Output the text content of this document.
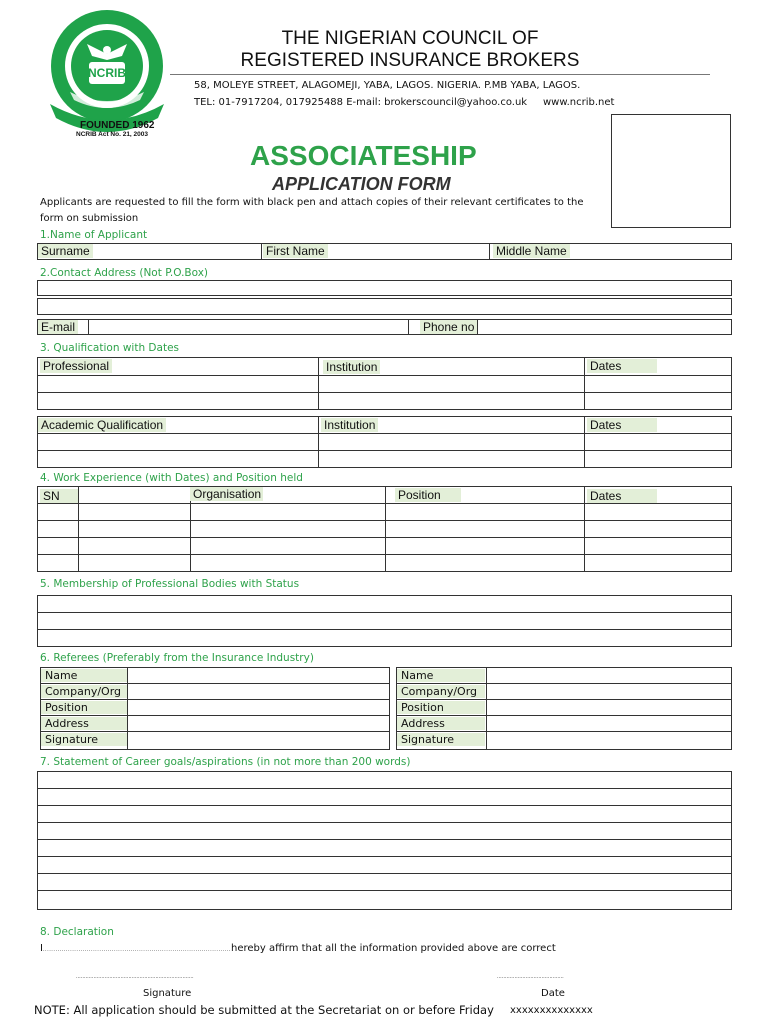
NCRIB
FOUNDED 1962
NCRIB Act No. 21, 2003
THE NIGERIAN COUNCIL OF
REGISTERED INSURANCE BROKERS
58, MOLEYE STREET, ALAGOMEJI, YABA, LAGOS. NIGERIA. P.MB YABA, LAGOS.
TEL: 01-7917204, 017925488 E-mail: brokerscouncil@yahoo.co.uk     www.ncrib.net
ASSOCIATESHIP
APPLICATION FORM
Applicants are requested to fill the form with black pen and attach copies of their relevant certificates to the
form on submission
1.Name of Applicant
Surname	First Name	Middle Name
2.Contact Address (Not P.O.Box)
E-mail	Phone no
3. Qualification with Dates
Professional	Institution	Dates
Academic Qualification	Institution	Dates
4. Work Experience (with Dates) and Position held
SN	Organisation	Position	Dates
5. Membership of Professional Bodies with Status
6. Referees (Preferably from the Insurance Industry)
Name
Company/Org
Position
Address
Signature
Name
Company/Org
Position
Address
Signature
7. Statement of Career goals/aspirations (in not more than 200 words)
8. Declaration
I..........................................................................................hereby affirm that all the information provided above are correct
..........................................................................	..........................................
Signature	Date
NOTE: All application should be submitted at the Secretariat on or before Friday xxxxxxxxxxxxxx
